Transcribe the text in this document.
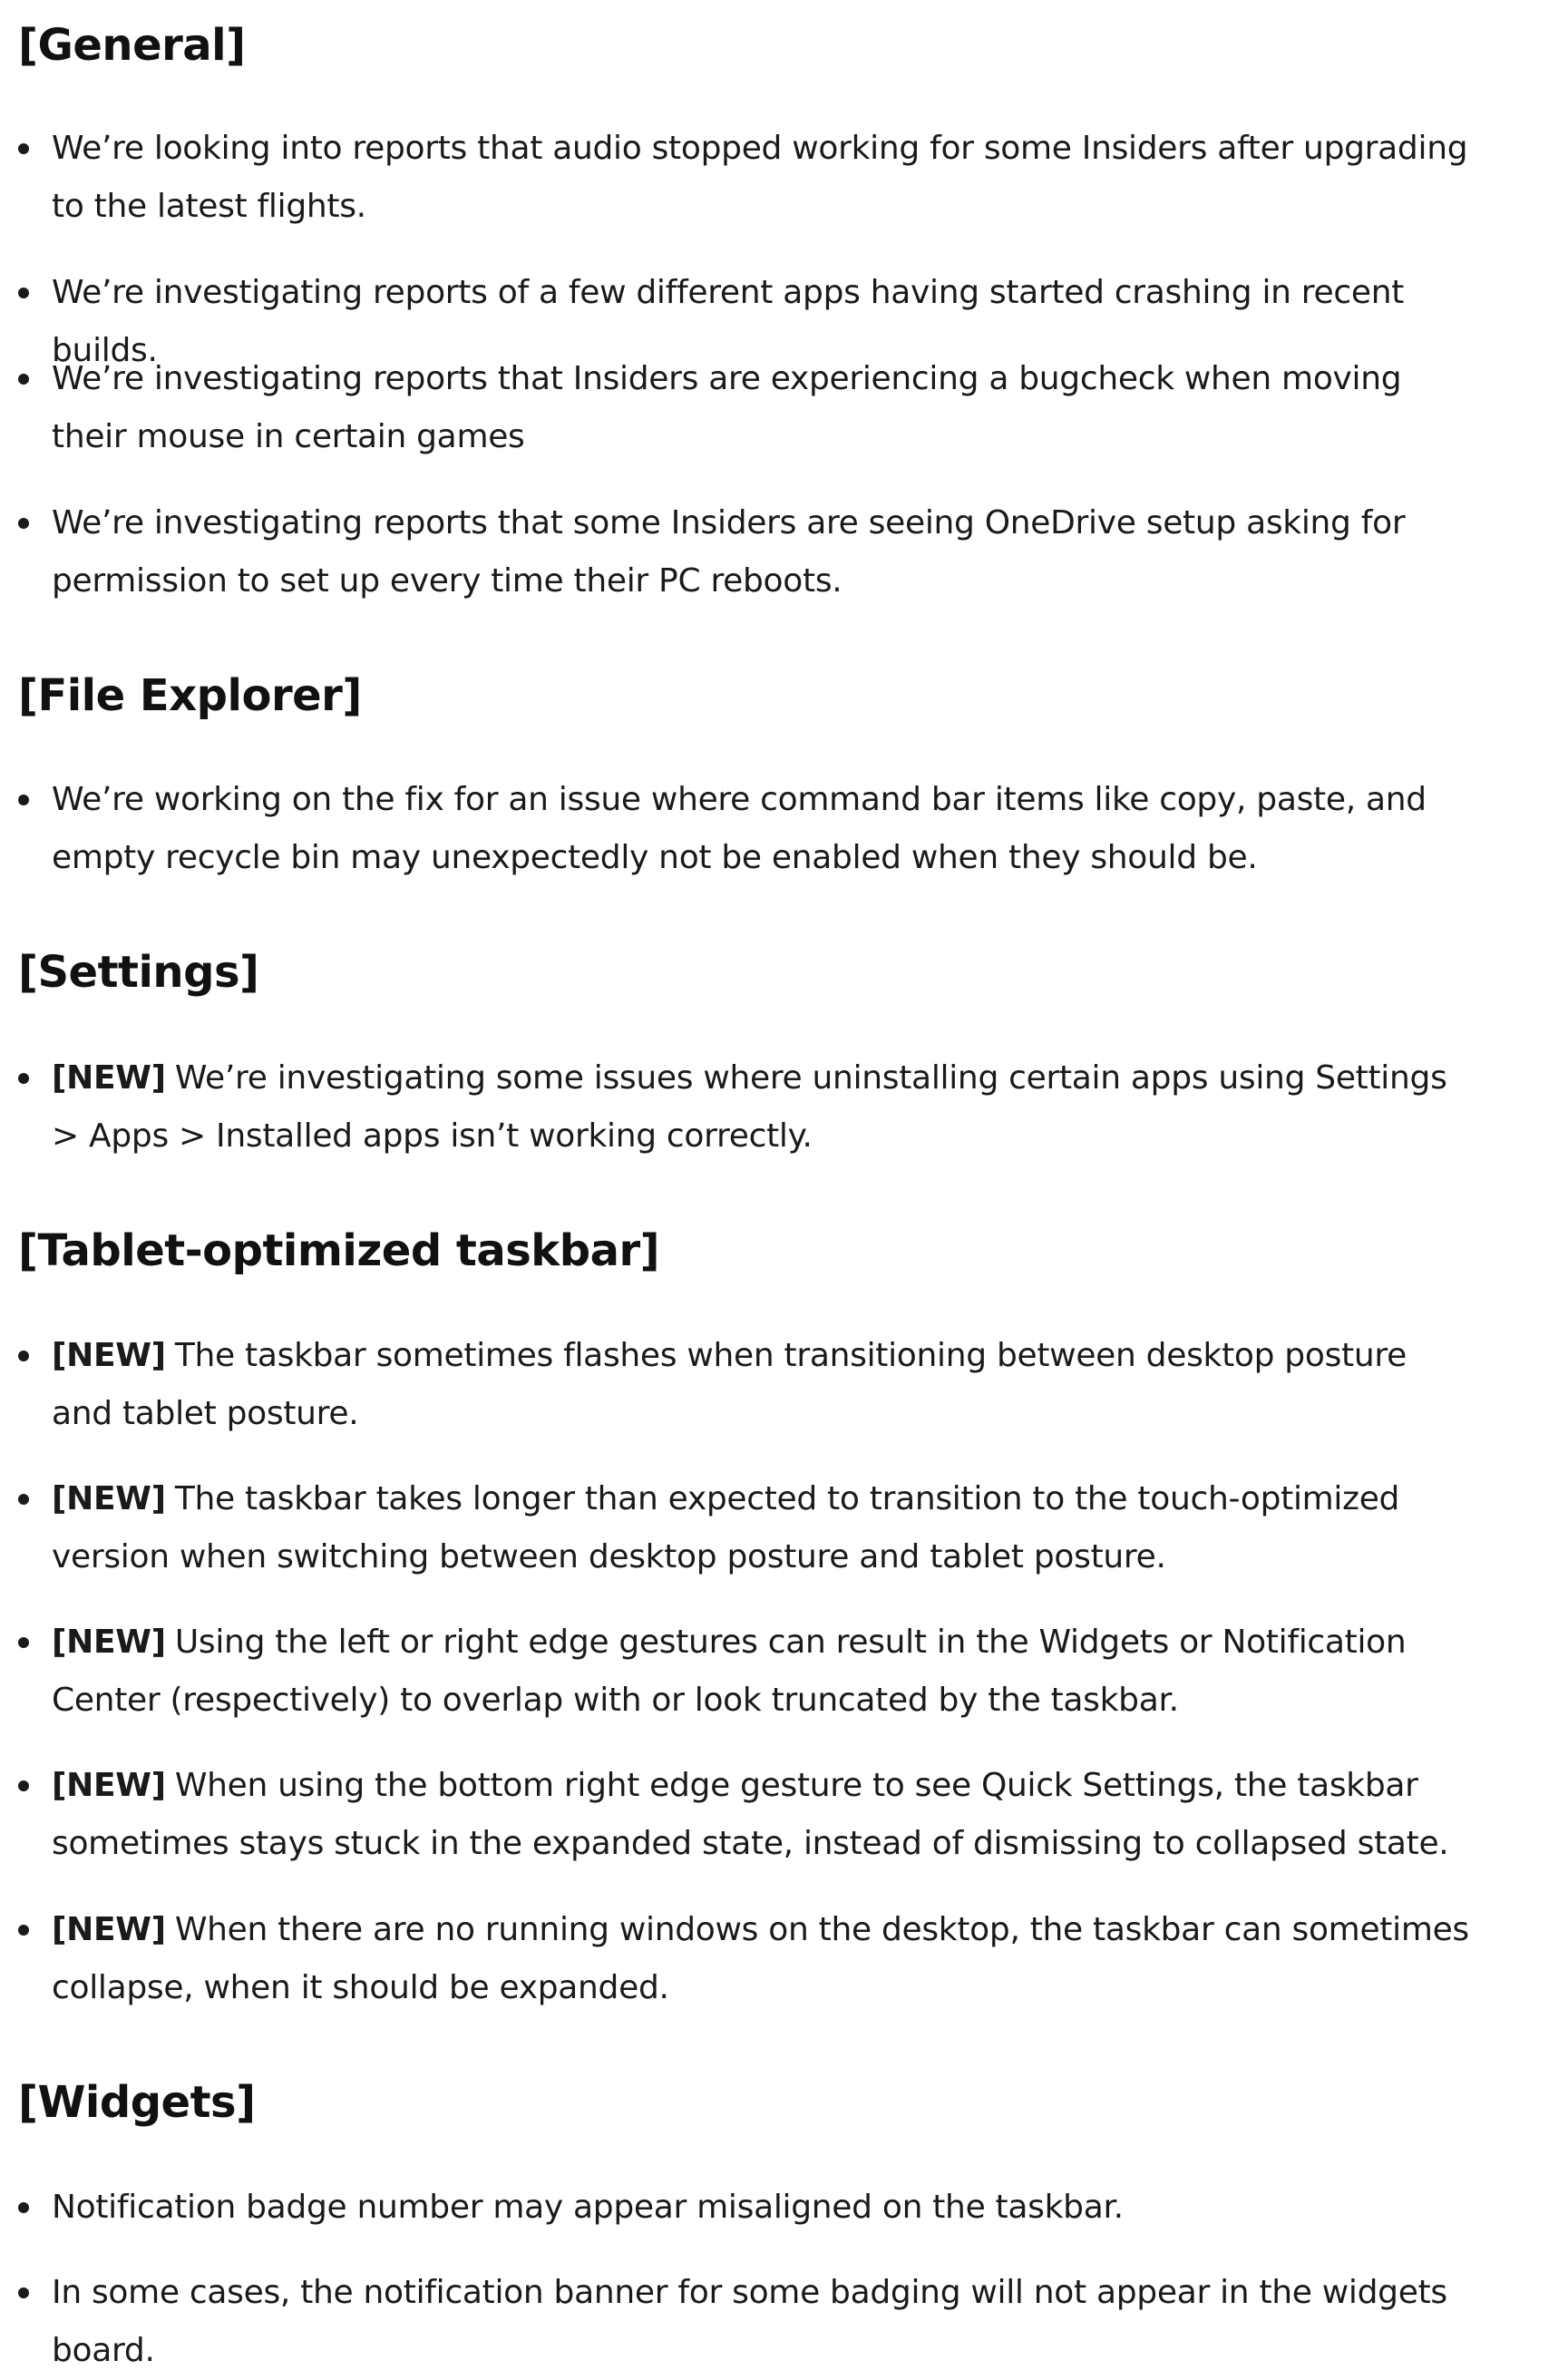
[General]
We’re looking into reports that audio stopped working for some Insiders after upgrading to the latest flights.
We’re investigating reports of a few different apps having started crashing in recent builds.
We’re investigating reports that Insiders are experiencing a bugcheck when moving their mouse in certain games
We’re investigating reports that some Insiders are seeing OneDrive setup asking for permission to set up every time their PC reboots.
[File Explorer]
We’re working on the fix for an issue where command bar items like copy, paste, and empty recycle bin may unexpectedly not be enabled when they should be.
[Settings]
[NEW] We’re investigating some issues where uninstalling certain apps using Settings > Apps > Installed apps isn’t working correctly.
[Tablet-optimized taskbar]
[NEW] The taskbar sometimes flashes when transitioning between desktop posture and tablet posture.
[NEW] The taskbar takes longer than expected to transition to the touch-optimized version when switching between desktop posture and tablet posture.
[NEW] Using the left or right edge gestures can result in the Widgets or Notification Center (respectively) to overlap with or look truncated by the taskbar.
[NEW] When using the bottom right edge gesture to see Quick Settings, the taskbar sometimes stays stuck in the expanded state, instead of dismissing to collapsed state.
[NEW] When there are no running windows on the desktop, the taskbar can sometimes collapse, when it should be expanded.
[Widgets]
Notification badge number may appear misaligned on the taskbar.
In some cases, the notification banner for some badging will not appear in the widgets board.
